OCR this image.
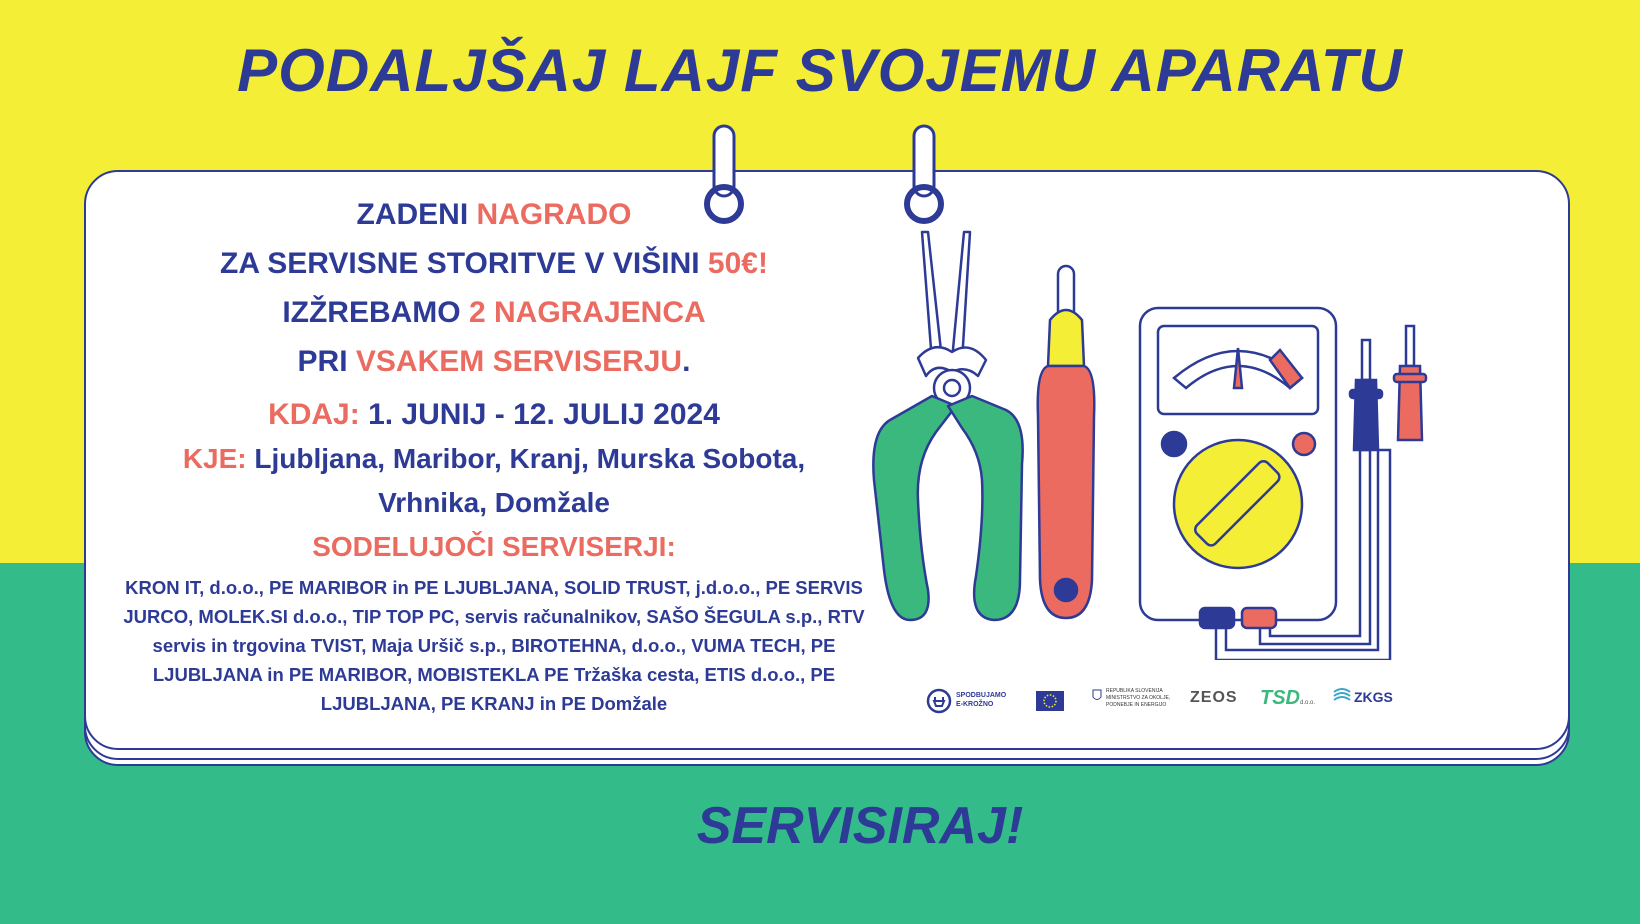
PODALJŠAJ LAJF SVOJEMU APARATU
ZADENI NAGRADO
ZA SERVISNE STORITVE V VIŠINI 50€!
IZŽREBAMO 2 NAGRAJENCA
PRI VSAKEM SERVISERJU.
KDAJ: 1. JUNIJ - 12. JULIJ 2024
KJE: Ljubljana, Maribor, Kranj, Murska Sobota,
Vrhnika, Domžale
SODELUJOČI SERVISERJI:
KRON IT, d.o.o., PE MARIBOR in PE LJUBLJANA, SOLID TRUST, j.d.o.o., PE SERVIS JURCO, MOLEK.SI d.o.o., TIP TOP PC, servis računalnikov, SAŠO ŠEGULA s.p., RTV servis in trgovina TVIST, Maja Uršič s.p., BIROTEHNA, d.o.o., VUMA TECH, PE LJUBLJANA in PE MARIBOR, MOBISTEKLA PE Tržaška cesta, ETIS d.o.o., PE LJUBLJANA, PE KRANJ in PE Domžale	SPODBUJAMO
E-KROŽNO
REPUBLIKA SLOVENIJA
MINISTRSTVO ZA OKOLJE,
PODNEBJE IN ENERGIJO ZEOS TSDd.o.o.	ZKGS
SERVISIRAJ!
